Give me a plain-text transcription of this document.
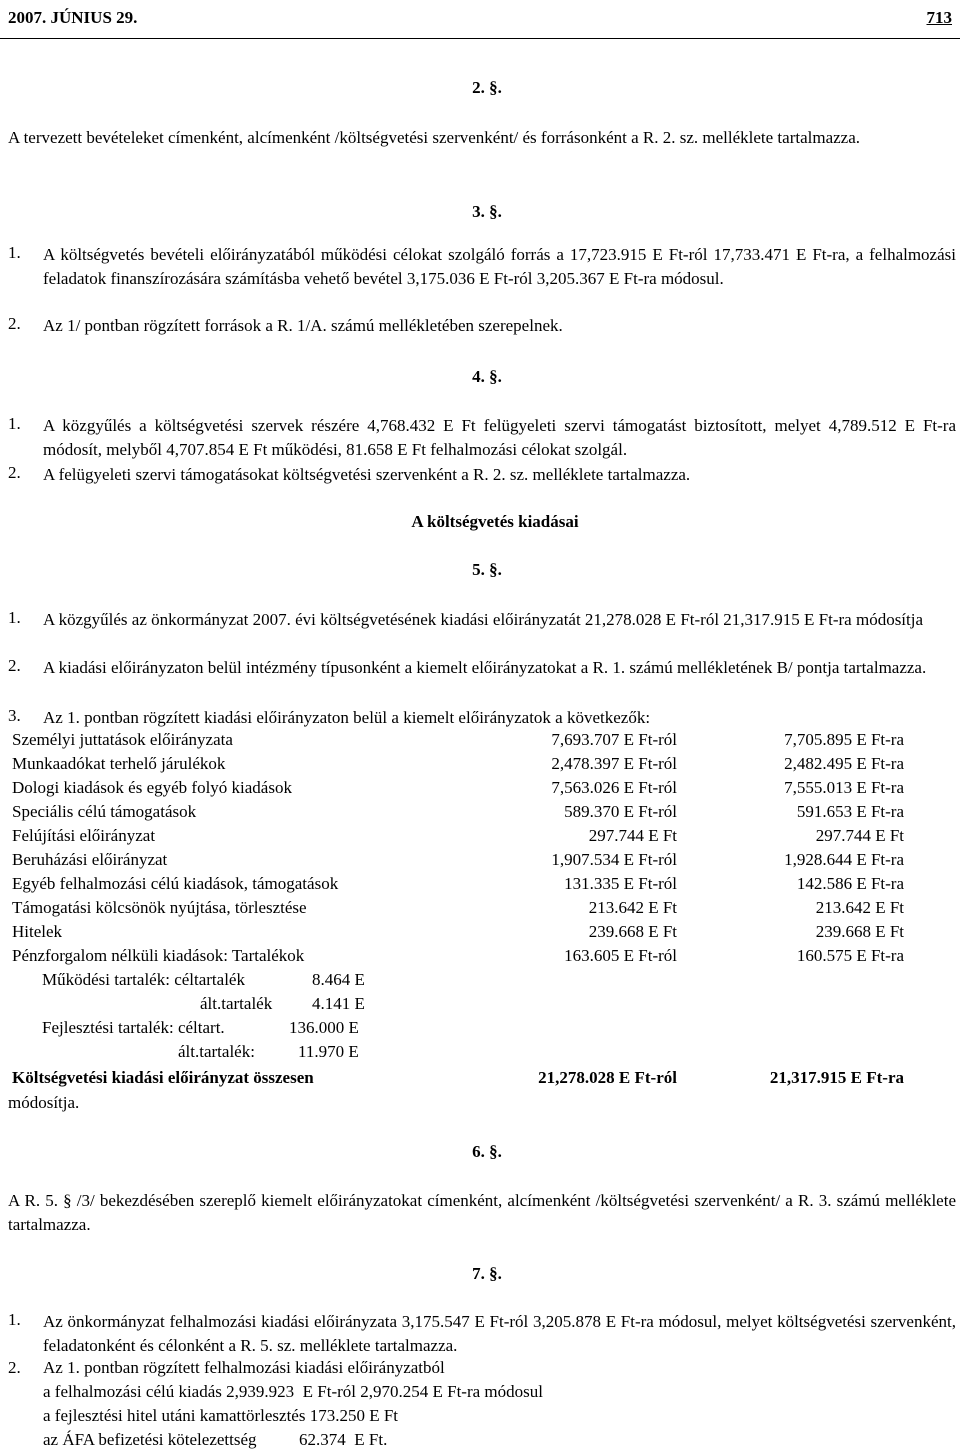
2007. JÚNIUS 29.	713
2. §.
A tervezett bevételeket címenként, alcímenként /költségvetési szervenként/ és forrásonként a R. 2. sz. melléklete tartalmazza.
3. §.
1. A költségvetés bevételi előirányzatából működési célokat szolgáló forrás a 17,723.915 E Ft-ról 17,733.471 E Ft-ra, a felhalmozási feladatok finanszírozására számításba vehető bevétel 3,175.036 E Ft-ról 3,205.367 E Ft-ra módosul.
2. Az 1/ pontban rögzített források a R. 1/A. számú mellékletében szerepelnek.
4. §.
1. A közgyűlés a költségvetési szervek részére 4,768.432 E Ft felügyeleti szervi támogatást biztosított, melyet 4,789.512 E Ft-ra módosít, melyből 4,707.854 E Ft működési, 81.658 E Ft felhalmozási célokat szolgál.
2. A felügyeleti szervi támogatásokat költségvetési szervenként a R. 2. sz. melléklete tartalmazza.
A költségvetés kiadásai
5. §.
1. A közgyűlés az önkormányzat 2007. évi költségvetésének kiadási előirányzatát 21,278.028 E Ft-ról 21,317.915 E Ft-ra módosítja
2. A kiadási előirányzaton belül intézmény típusonként a kiemelt előirányzatokat a R. 1. számú mellékletének B/ pontja tartalmazza.
3. Az 1. pontban rögzített kiadási előirányzaton belül a kiemelt előirányzatok a következők:
Személyi juttatások előirányzata	7,693.707 E Ft-ról	7,705.895 E Ft-ra
Munkaadókat terhelő járulékok	2,478.397 E Ft-ról	2,482.495 E Ft-ra
Dologi kiadások és egyéb folyó kiadások	7,563.026 E Ft-ról	7,555.013 E Ft-ra
Speciális célú támogatások	589.370 E Ft-ról	591.653 E Ft-ra
Felújítási előirányzat	297.744 E Ft	297.744 E Ft
Beruházási előirányzat	1,907.534 E Ft-ról	1,928.644 E Ft-ra
Egyéb felhalmozási célú kiadások, támogatások	131.335 E Ft-ról	142.586 E Ft-ra
Támogatási kölcsönök nyújtása, törlesztése	213.642 E Ft	213.642 E Ft
Hitelek	239.668 E Ft	239.668 E Ft
Pénzforgalom nélküli kiadások: Tartalékok	163.605 E Ft-ról	160.575 E Ft-ra
Működési tartalék: céltartalék	8.464 E
ált.tartalék 4.141 E
Fejlesztési tartalék: céltart.	136.000 E
ált.tartalék:	11.970 E
Költségvetési kiadási előirányzat összesen	21,278.028 E Ft-ról	21,317.915 E Ft-ra
módosítja.
6. §.
A R. 5. § /3/ bekezdésében szereplő kiemelt előirányzatokat címenként, alcímenként /költségvetési szervenként/ a R. 3. számú melléklete tartalmazza.
7. §.
1. Az önkormányzat felhalmozási kiadási előirányzata 3,175.547 E Ft-ról 3,205.878 E Ft-ra módosul, melyet költségvetési szervenként, feladatonként és célonként a R. 5. sz. melléklete tartalmazza.
2. Az 1. pontban rögzített felhalmozási kiadási előirányzatból
a felhalmozási célú kiadás 2,939.923  E Ft-ról 2,970.254 E Ft-ra módosul
a fejlesztési hitel utáni kamattörlesztés 173.250 E Ft
az ÁFA befizetési kötelezettség          62.374  E Ft.
